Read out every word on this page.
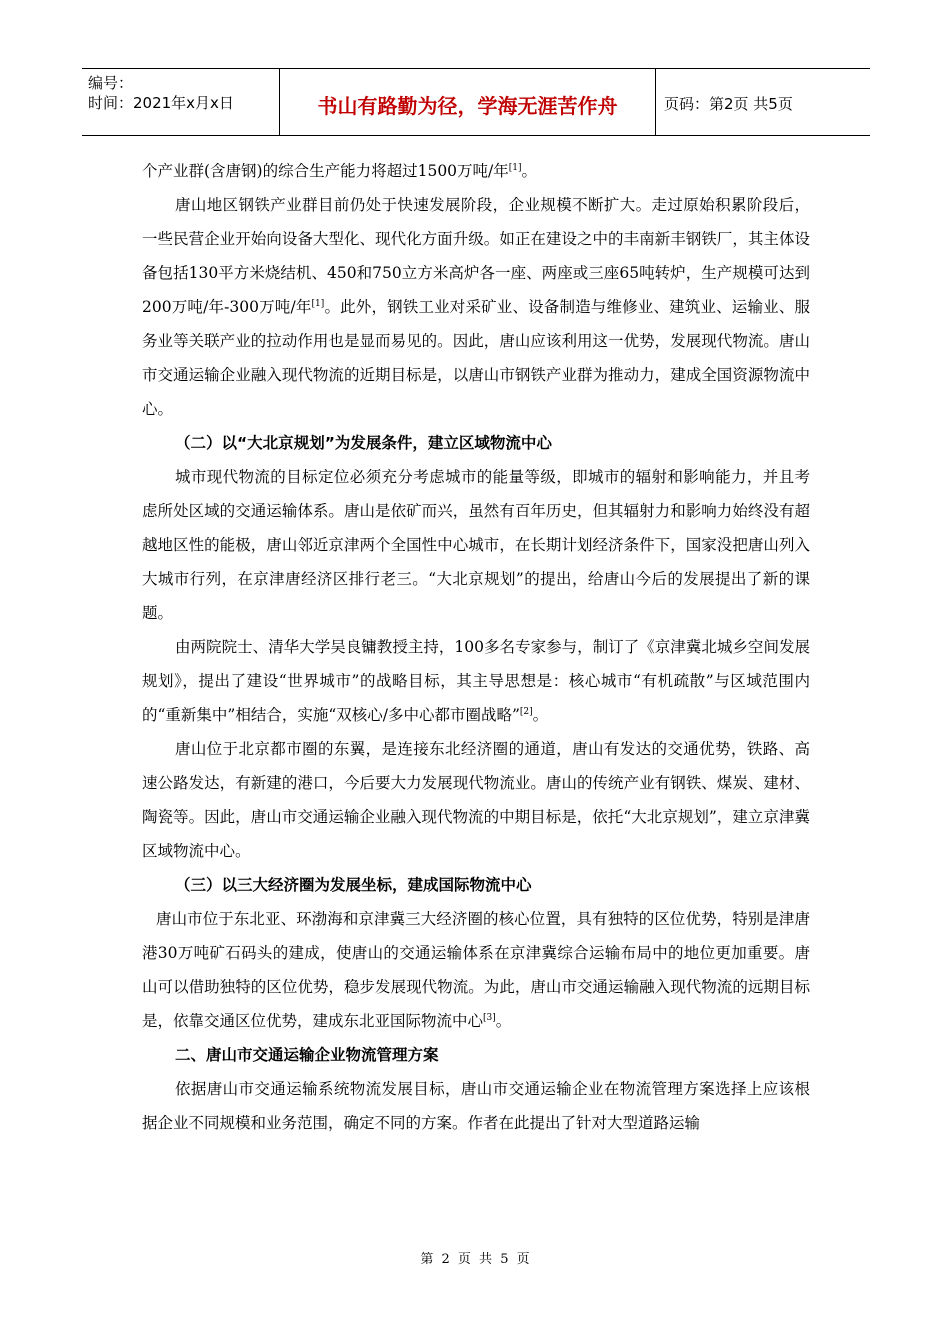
编号：
时间：2021年x月x日	书山有路勤为径，学海无涯苦作舟	页码：第2页 共5页

个产业群(含唐钢)的综合生产能力将超过1500万吨/年[1]。

唐山地区钢铁产业群目前仍处于快速发展阶段，企业规模不断扩大。走过原始积累阶段后，一些民营企业开始向设备大型化、现代化方面升级。如正在建设之中的丰南新丰钢铁厂，其主体设备包括130平方米烧结机、450和750立方米高炉各一座、两座或三座65吨转炉，生产规模可达到200万吨/年-300万吨/年[1]。此外，钢铁工业对采矿业、设备制造与维修业、建筑业、运输业、服务业等关联产业的拉动作用也是显而易见的。因此，唐山应该利用这一优势，发展现代物流。唐山市交通运输企业融入现代物流的近期目标是，以唐山市钢铁产业群为推动力，建成全国资源物流中心。

（二）以“大北京规划”为发展条件，建立区域物流中心

城市现代物流的目标定位必须充分考虑城市的能量等级，即城市的辐射和影响能力，并且考虑所处区域的交通运输体系。唐山是依矿而兴，虽然有百年历史，但其辐射力和影响力始终没有超越地区性的能极，唐山邻近京津两个全国性中心城市，在长期计划经济条件下，国家没把唐山列入大城市行列，在京津唐经济区排行老三。“大北京规划”的提出，给唐山今后的发展提出了新的课题。

由两院院士、清华大学吴良镛教授主持，100多名专家参与，制订了《京津冀北城乡空间发展规划》，提出了建设“世界城市”的战略目标，其主导思想是：核心城市“有机疏散”与区域范围内的“重新集中”相结合，实施“双核心/多中心都市圈战略”[2]。

唐山位于北京都市圈的东翼，是连接东北经济圈的通道，唐山有发达的交通优势，铁路、高速公路发达，有新建的港口，今后要大力发展现代物流业。唐山的传统产业有钢铁、煤炭、建材、陶瓷等。因此，唐山市交通运输企业融入现代物流的中期目标是，依托“大北京规划”，建立京津冀区域物流中心。

（三）以三大经济圈为发展坐标，建成国际物流中心

唐山市位于东北亚、环渤海和京津冀三大经济圈的核心位置，具有独特的区位优势，特别是津唐港30万吨矿石码头的建成，使唐山的交通运输体系在京津冀综合运输布局中的地位更加重要。唐山可以借助独特的区位优势，稳步发展现代物流。为此，唐山市交通运输融入现代物流的远期目标是，依靠交通区位优势，建成东北亚国际物流中心[3]。

二、唐山市交通运输企业物流管理方案

依据唐山市交通运输系统物流发展目标，唐山市交通运输企业在物流管理方案选择上应该根据企业不同规模和业务范围，确定不同的方案。作者在此提出了针对大型道路运输

第 2 页 共 5 页
